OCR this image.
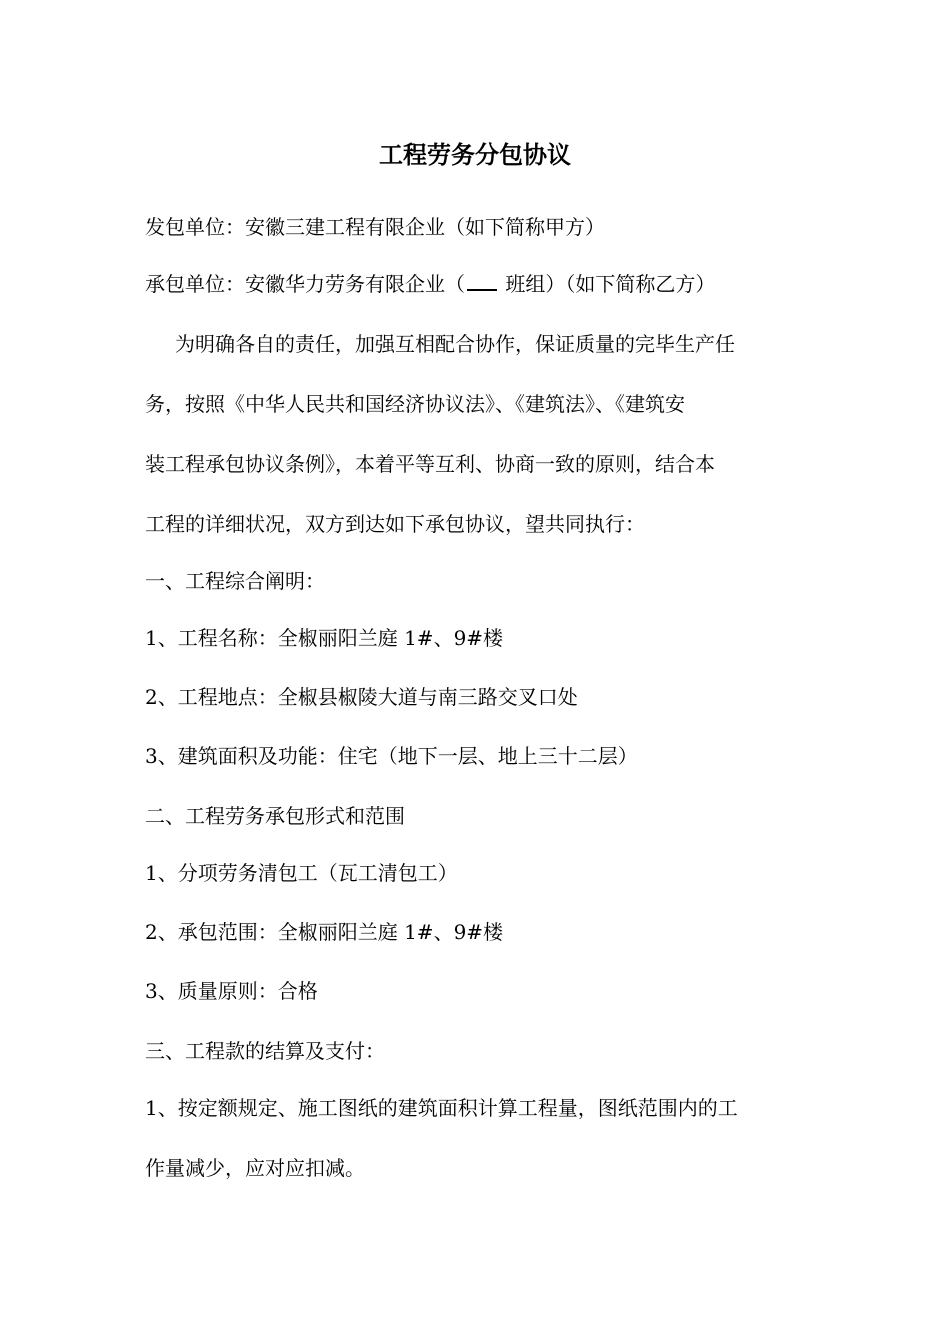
工程劳务分包协议
发包单位：安徽三建工程有限企业（如下简称甲方）
承包单位：安徽华力劳务有限企业（ 班组）（如下简称乙方）
为明确各自的责任，加强互相配合协作，保证质量的完毕生产任
务，按照《中华人民共和国经济协议法》、《建筑法》、《建筑安
装工程承包协议条例》，本着平等互利、协商一致的原则，结合本
工程的详细状况，双方到达如下承包协议，望共同执行：
一、工程综合阐明：
1、工程名称：全椒丽阳兰庭 1#、9#楼
2、工程地点：全椒县椒陵大道与南三路交叉口处
3、建筑面积及功能：住宅（地下一层、地上三十二层）
二、工程劳务承包形式和范围
1、分项劳务清包工（瓦工清包工）
2、承包范围：全椒丽阳兰庭 1#、9#楼
3、质量原则：合格
三、工程款的结算及支付：
1、按定额规定、施工图纸的建筑面积计算工程量，图纸范围内的工
作量减少，应对应扣减。
